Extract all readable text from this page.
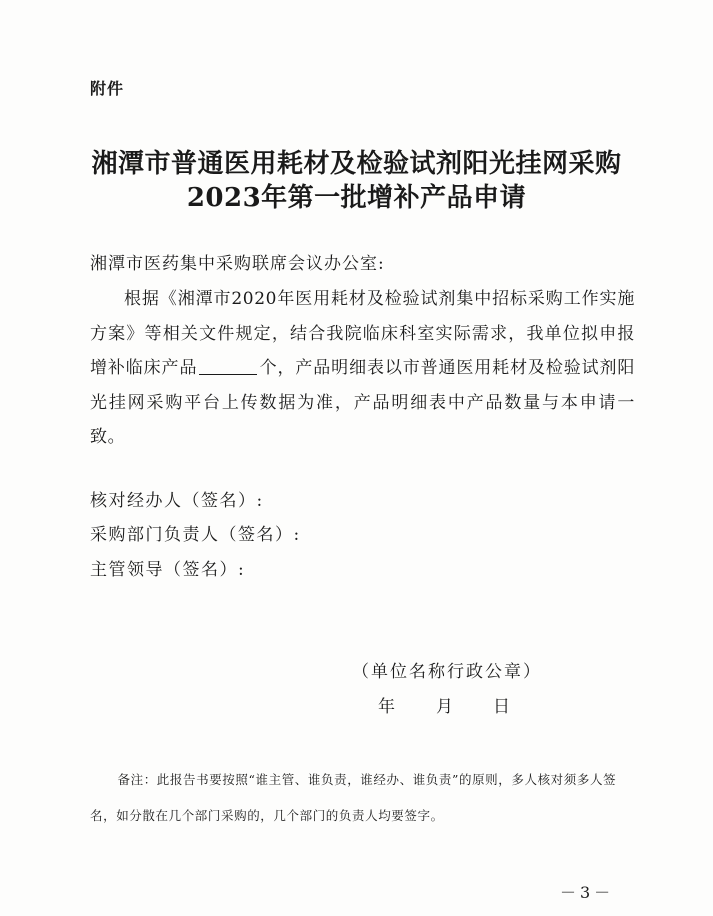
附件
湘潭市普通医用耗材及检验试剂阳光挂网采购
2023年第一批增补产品申请
湘潭市医药集中采购联席会议办公室:
根据《湘潭市2020年医用耗材及检验试剂集中招标采购工作实施方案》等相关文件规定，结合我院临床科室实际需求，我单位拟申报增补临床产品	个，产品明细表以市普通医用耗材及检验试剂阳光挂网采购平台上传数据为准，产品明细表中产品数量与本申请一致。
核对经办人（签名）:
采购部门负责人（签名）:
主管领导（签名）:
（单位名称行政公章）
年 月 日
备注：此报告书要按照“谁主管、谁负责，谁经办、谁负责”的原则，多人核对须多人签名，如分散在几个部门采购的，几个部门的负责人均要签字。
－3－
